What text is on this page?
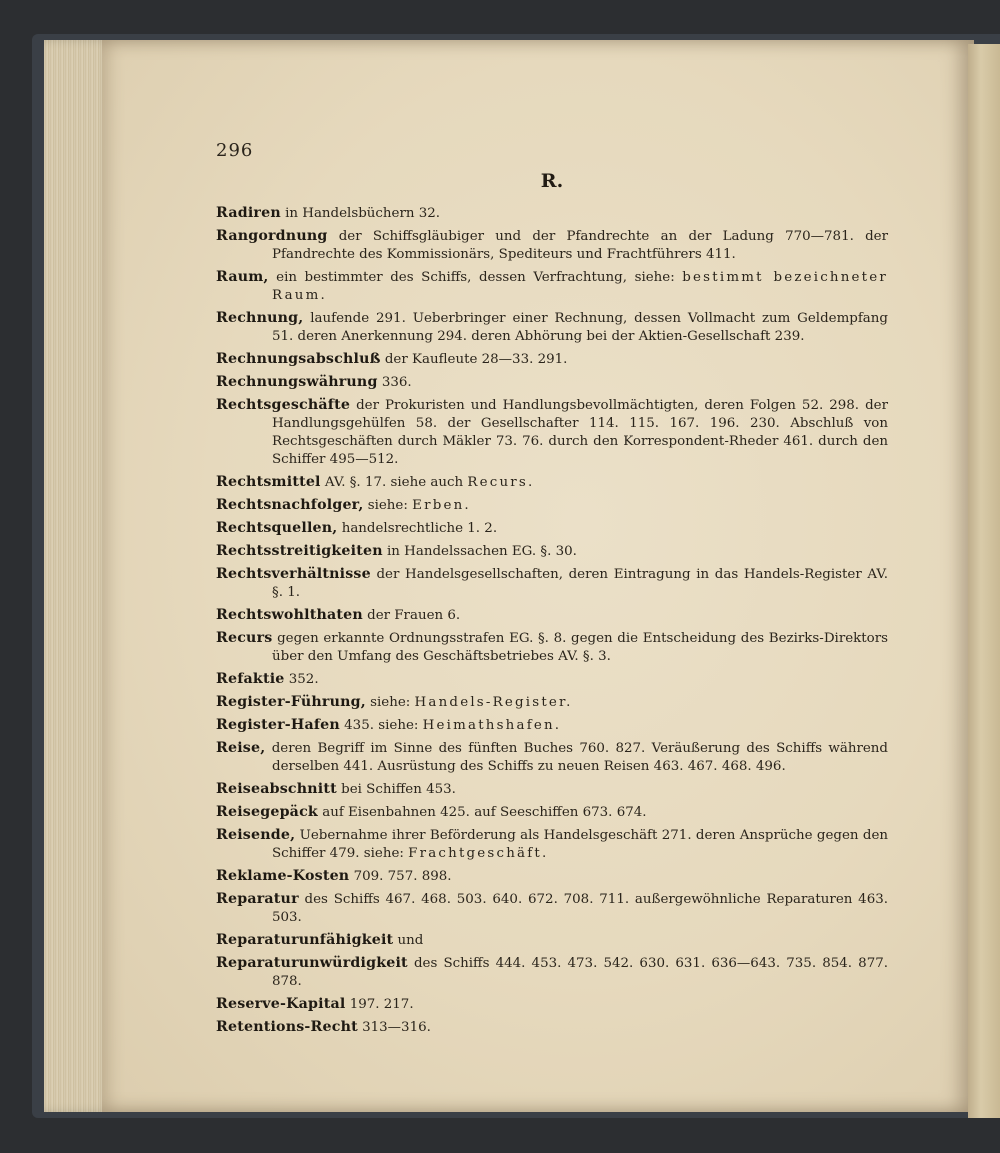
296
R.
Radiren in Handelsbüchern 32.
Rangordnung der Schiffsgläubiger und der Pfandrechte an der Ladung 770—781. der Pfandrechte des Kommissionärs, Spediteurs und Frachtführers 411.
Raum, ein bestimmter des Schiffs, dessen Verfrachtung, siehe: bestimmt bezeichneter Raum.
Rechnung, laufende 291. Ueberbringer einer Rechnung, dessen Vollmacht zum Geldempfang 51. deren Anerkennung 294. deren Abhörung bei der Aktien-Gesellschaft 239.
Rechnungsabschluß der Kaufleute 28—33. 291.
Rechnungswährung 336.
Rechtsgeschäfte der Prokuristen und Handlungsbevollmächtigten, deren Folgen 52. 298. der Handlungsgehülfen 58. der Gesellschafter 114. 115. 167. 196. 230. Abschluß von Rechtsgeschäften durch Mäkler 73. 76. durch den Korrespondent-Rheder 461. durch den Schiffer 495—512.
Rechtsmittel AV. §. 17. siehe auch Recurs.
Rechtsnachfolger, siehe: Erben.
Rechtsquellen, handelsrechtliche 1. 2.
Rechtsstreitigkeiten in Handelssachen EG. §. 30.
Rechtsverhältnisse der Handelsgesellschaften, deren Eintragung in das Handels-Register AV. §. 1.
Rechtswohlthaten der Frauen 6.
Recurs gegen erkannte Ordnungsstrafen EG. §. 8. gegen die Entscheidung des Bezirks-Direktors über den Umfang des Geschäftsbetriebes AV. §. 3.
Refaktie 352.
Register-Führung, siehe: Handels-Register.
Register-Hafen 435. siehe: Heimathshafen.
Reise, deren Begriff im Sinne des fünften Buches 760. 827. Veräußerung des Schiffs während derselben 441. Ausrüstung des Schiffs zu neuen Reisen 463. 467. 468. 496.
Reiseabschnitt bei Schiffen 453.
Reisegepäck auf Eisenbahnen 425. auf Seeschiffen 673. 674.
Reisende, Uebernahme ihrer Beförderung als Handelsgeschäft 271. deren Ansprüche gegen den Schiffer 479. siehe: Frachtgeschäft.
Reklame-Kosten 709. 757. 898.
Reparatur des Schiffs 467. 468. 503. 640. 672. 708. 711. außergewöhnliche Reparaturen 463. 503.
Reparaturunfähigkeit und
Reparaturunwürdigkeit des Schiffs 444. 453. 473. 542. 630. 631. 636—643. 735. 854. 877. 878.
Reserve-Kapital 197. 217.
Retentions-Recht 313—316.
